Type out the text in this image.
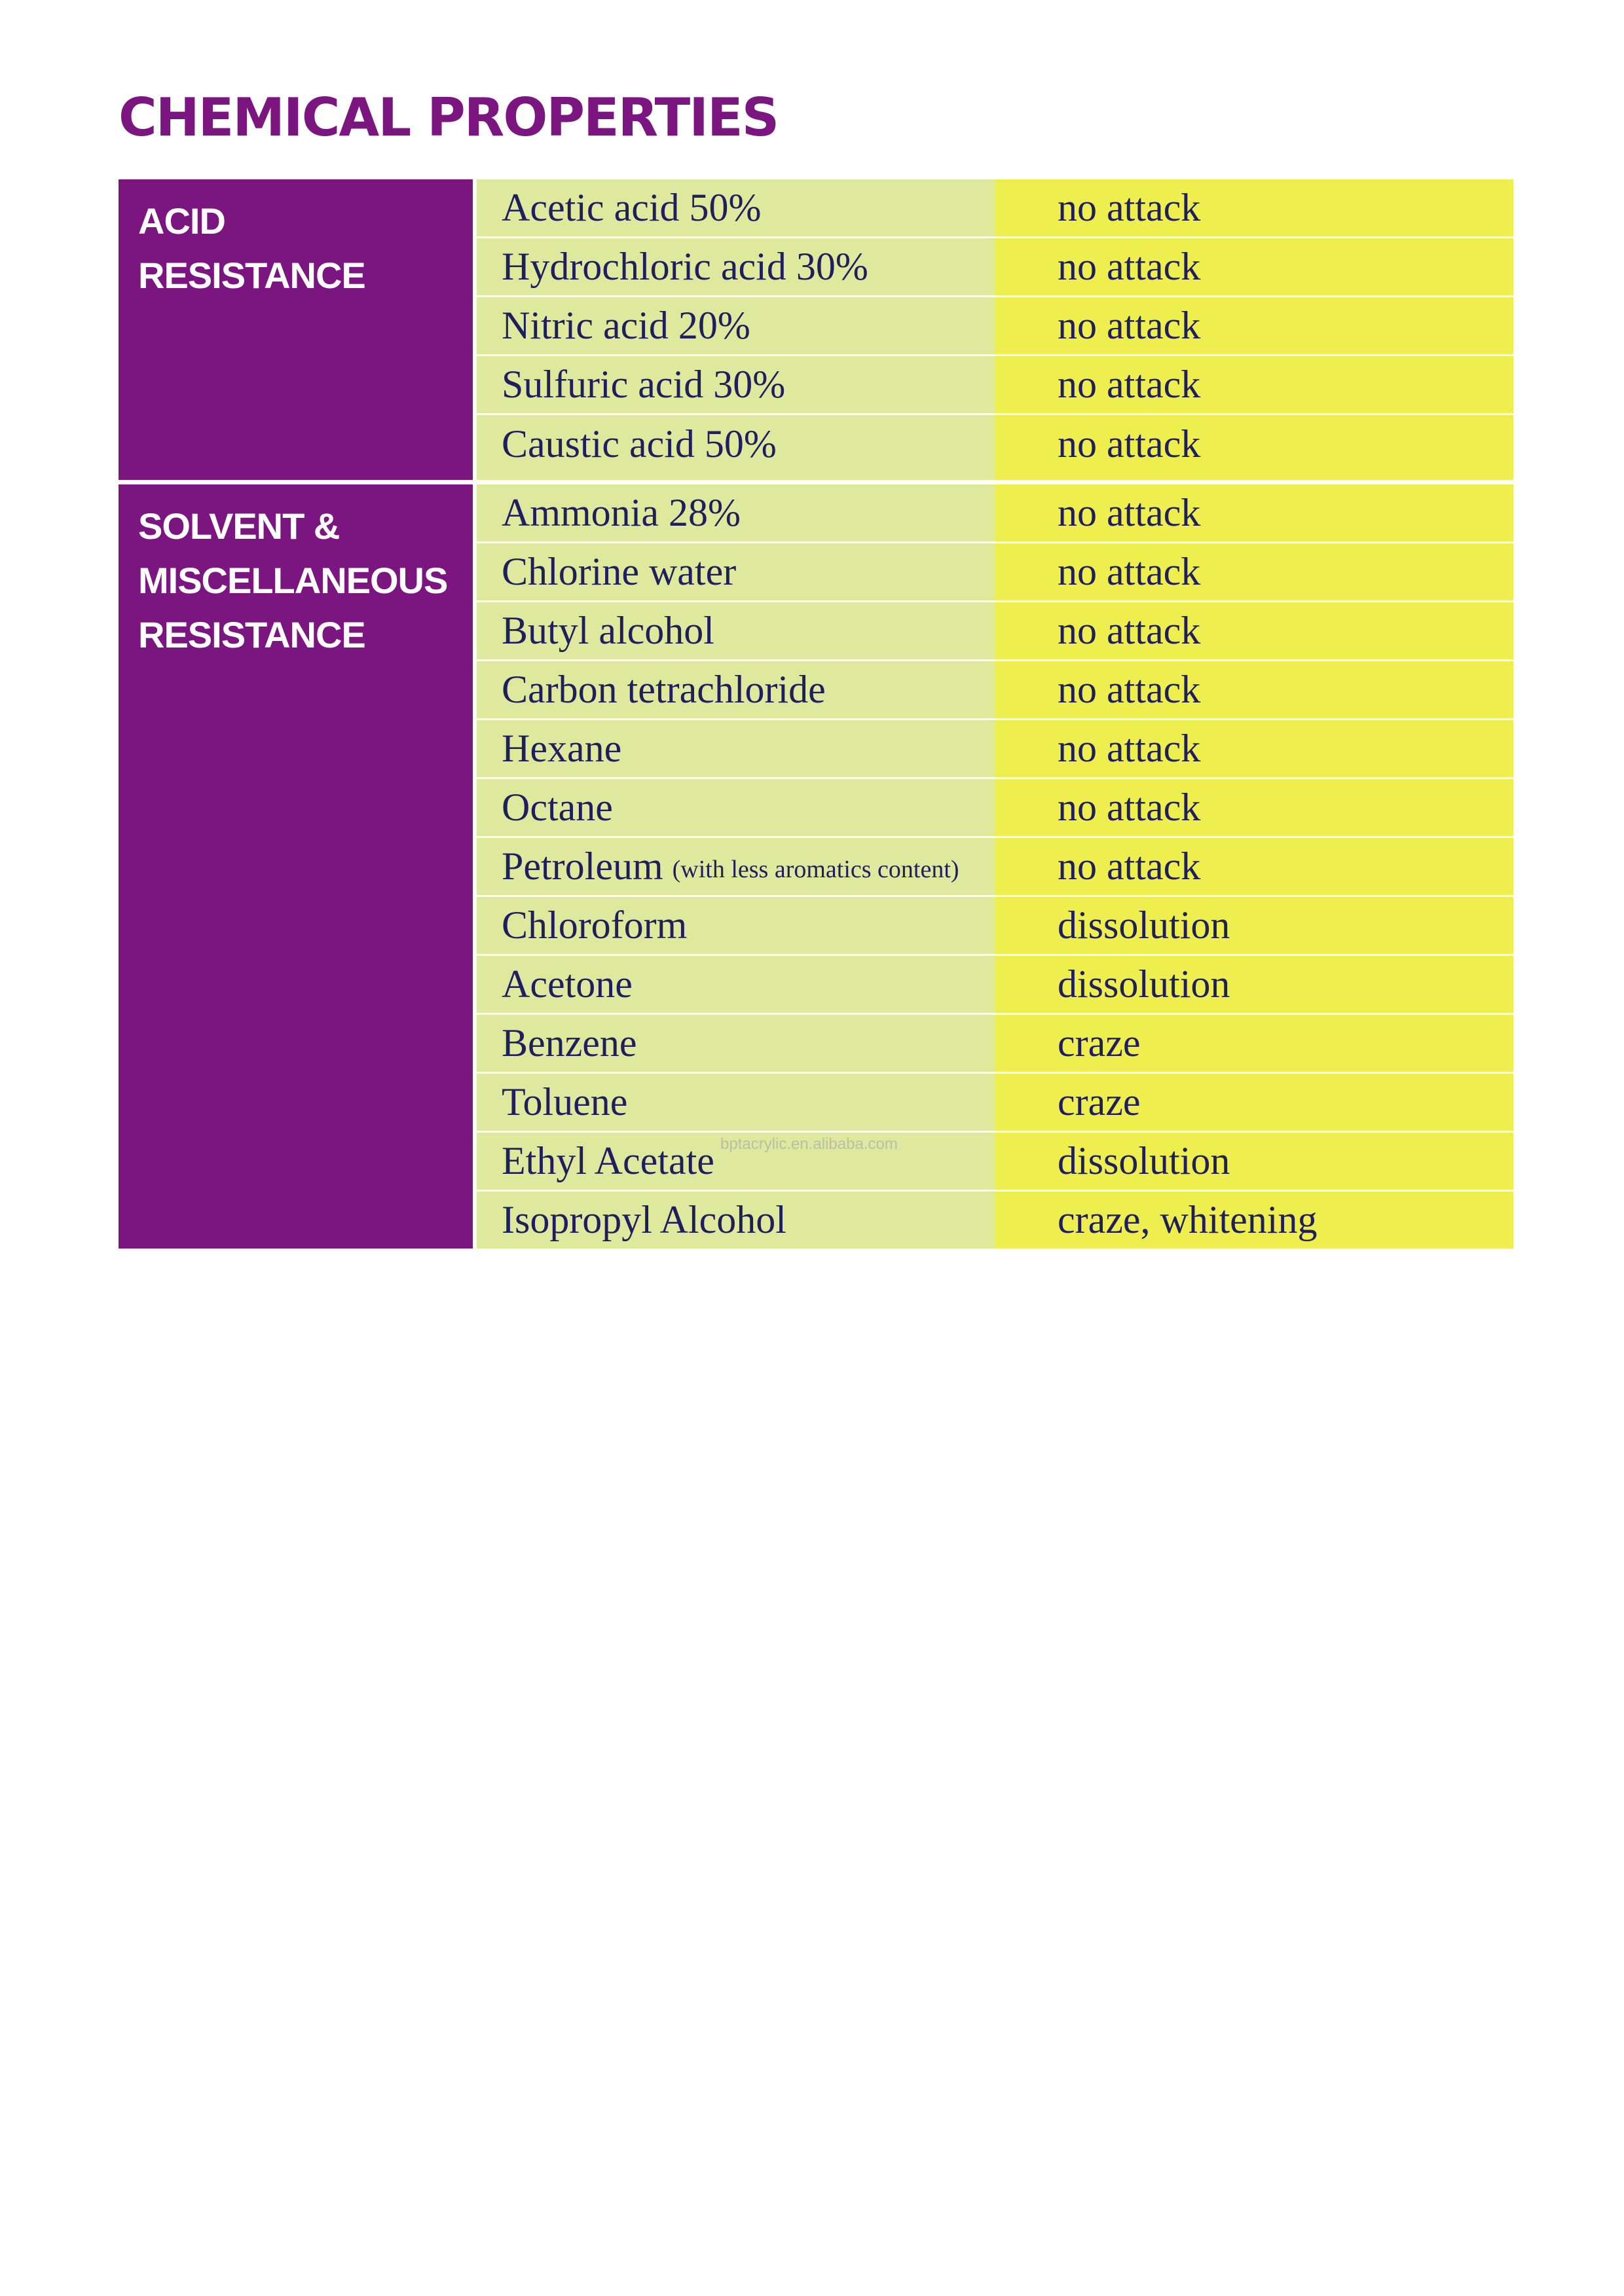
CHEMICAL PROPERTIES
ACID
RESISTANCE
Acetic acid 50%	no attack
Hydrochloric acid 30%	no attack
Nitric acid 20%	no attack
Sulfuric acid 30%	no attack
Caustic acid 50%	no attack
SOLVENT &
MISCELLANEOUS
RESISTANCE
Ammonia 28%	no attack
Chlorine water	no attack
Butyl alcohol	no attack
Carbon tetrachloride	no attack
Hexane	no attack
Octane	no attack
Petroleum (with less aromatics content)	no attack
Chloroform	dissolution
Acetone	dissolution
Benzene	craze
Toluene	craze
Ethyl Acetate	dissolution
Isopropyl Alcohol	craze, whitening
bptacrylic.en.alibaba.com
